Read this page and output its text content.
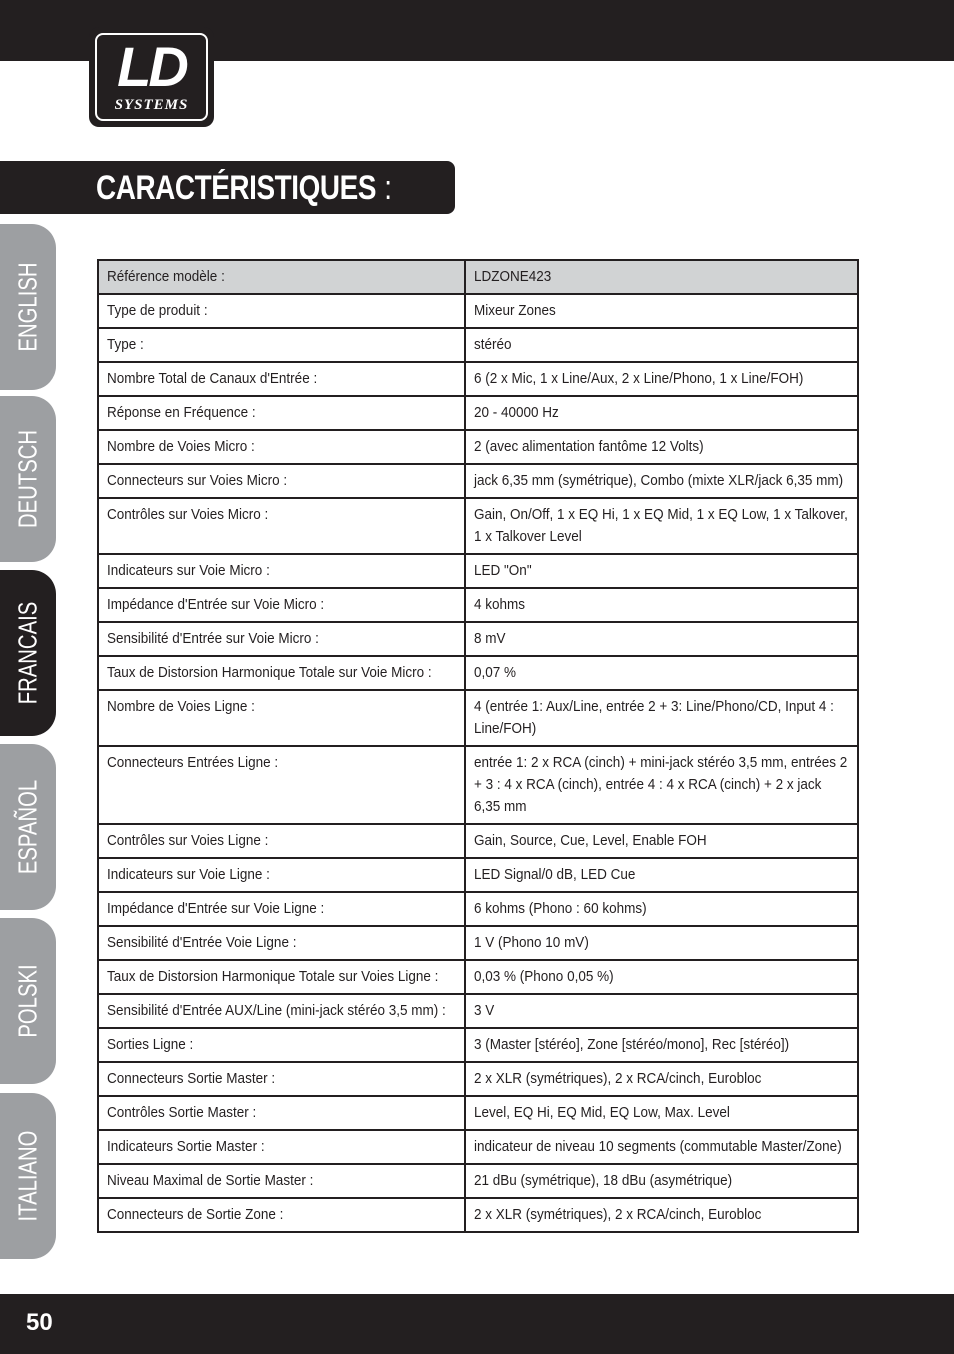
LD
SYSTEMS
CARACTÉRISTIQUES :
ENGLISH
DEUTSCH
FRANCAIS
ESPAÑOL
POLSKI
ITALIANO
Référence modèle :	LDZONE423
Type de produit :	Mixeur Zones
Type :	stéréo
Nombre Total de Canaux d'Entrée :	6 (2 x Mic, 1 x Line/Aux, 2 x Line/Phono, 1 x Line/FOH)
Réponse en Fréquence :	20 - 40000 Hz
Nombre de Voies Micro :	2 (avec alimentation fantôme 12 Volts)
Connecteurs sur Voies Micro :	jack 6,35 mm (symétrique), Combo (mixte XLR/jack 6,35 mm)
Contrôles sur Voies Micro :	Gain, On/Off, 1 x EQ Hi, 1 x EQ Mid, 1 x EQ Low, 1 x Talkover, 1 x Talkover Level
Indicateurs sur Voie Micro :	LED "On"
Impédance d'Entrée sur Voie Micro :	4 kohms
Sensibilité d'Entrée sur Voie Micro :	8 mV
Taux de Distorsion Harmonique Totale sur Voie Micro :	0,07 %
Nombre de Voies Ligne :	4 (entrée 1: Aux/Line, entrée 2 + 3: Line/Phono/CD, Input 4 : Line/FOH)
Connecteurs Entrées Ligne :	entrée 1: 2 x RCA (cinch) + mini-jack stéréo 3,5 mm, entrées 2 + 3 : 4 x RCA (cinch), entrée 4 : 4 x RCA (cinch) + 2 x jack 6,35 mm
Contrôles sur Voies Ligne :	Gain, Source, Cue, Level, Enable FOH
Indicateurs sur Voie Ligne :	LED Signal/0 dB, LED Cue
Impédance d'Entrée sur Voie Ligne :	6 kohms (Phono : 60 kohms)
Sensibilité d'Entrée Voie Ligne :	1 V (Phono 10 mV)
Taux de Distorsion Harmonique Totale sur Voies Ligne :	0,03 % (Phono 0,05 %)
Sensibilité d'Entrée AUX/Line (mini-jack stéréo 3,5 mm) :	3 V
Sorties Ligne :	3 (Master [stéréo], Zone [stéréo/mono], Rec [stéréo])
Connecteurs Sortie Master :	2 x XLR (symétriques), 2 x RCA/cinch, Eurobloc
Contrôles Sortie Master :	Level, EQ Hi, EQ Mid, EQ Low, Max. Level
Indicateurs Sortie Master :	indicateur de niveau 10 segments (commutable Master/Zone)
Niveau Maximal de Sortie Master :	21 dBu (symétrique), 18 dBu (asymétrique)
Connecteurs de Sortie Zone :	2 x XLR (symétriques), 2 x RCA/cinch, Eurobloc
50
